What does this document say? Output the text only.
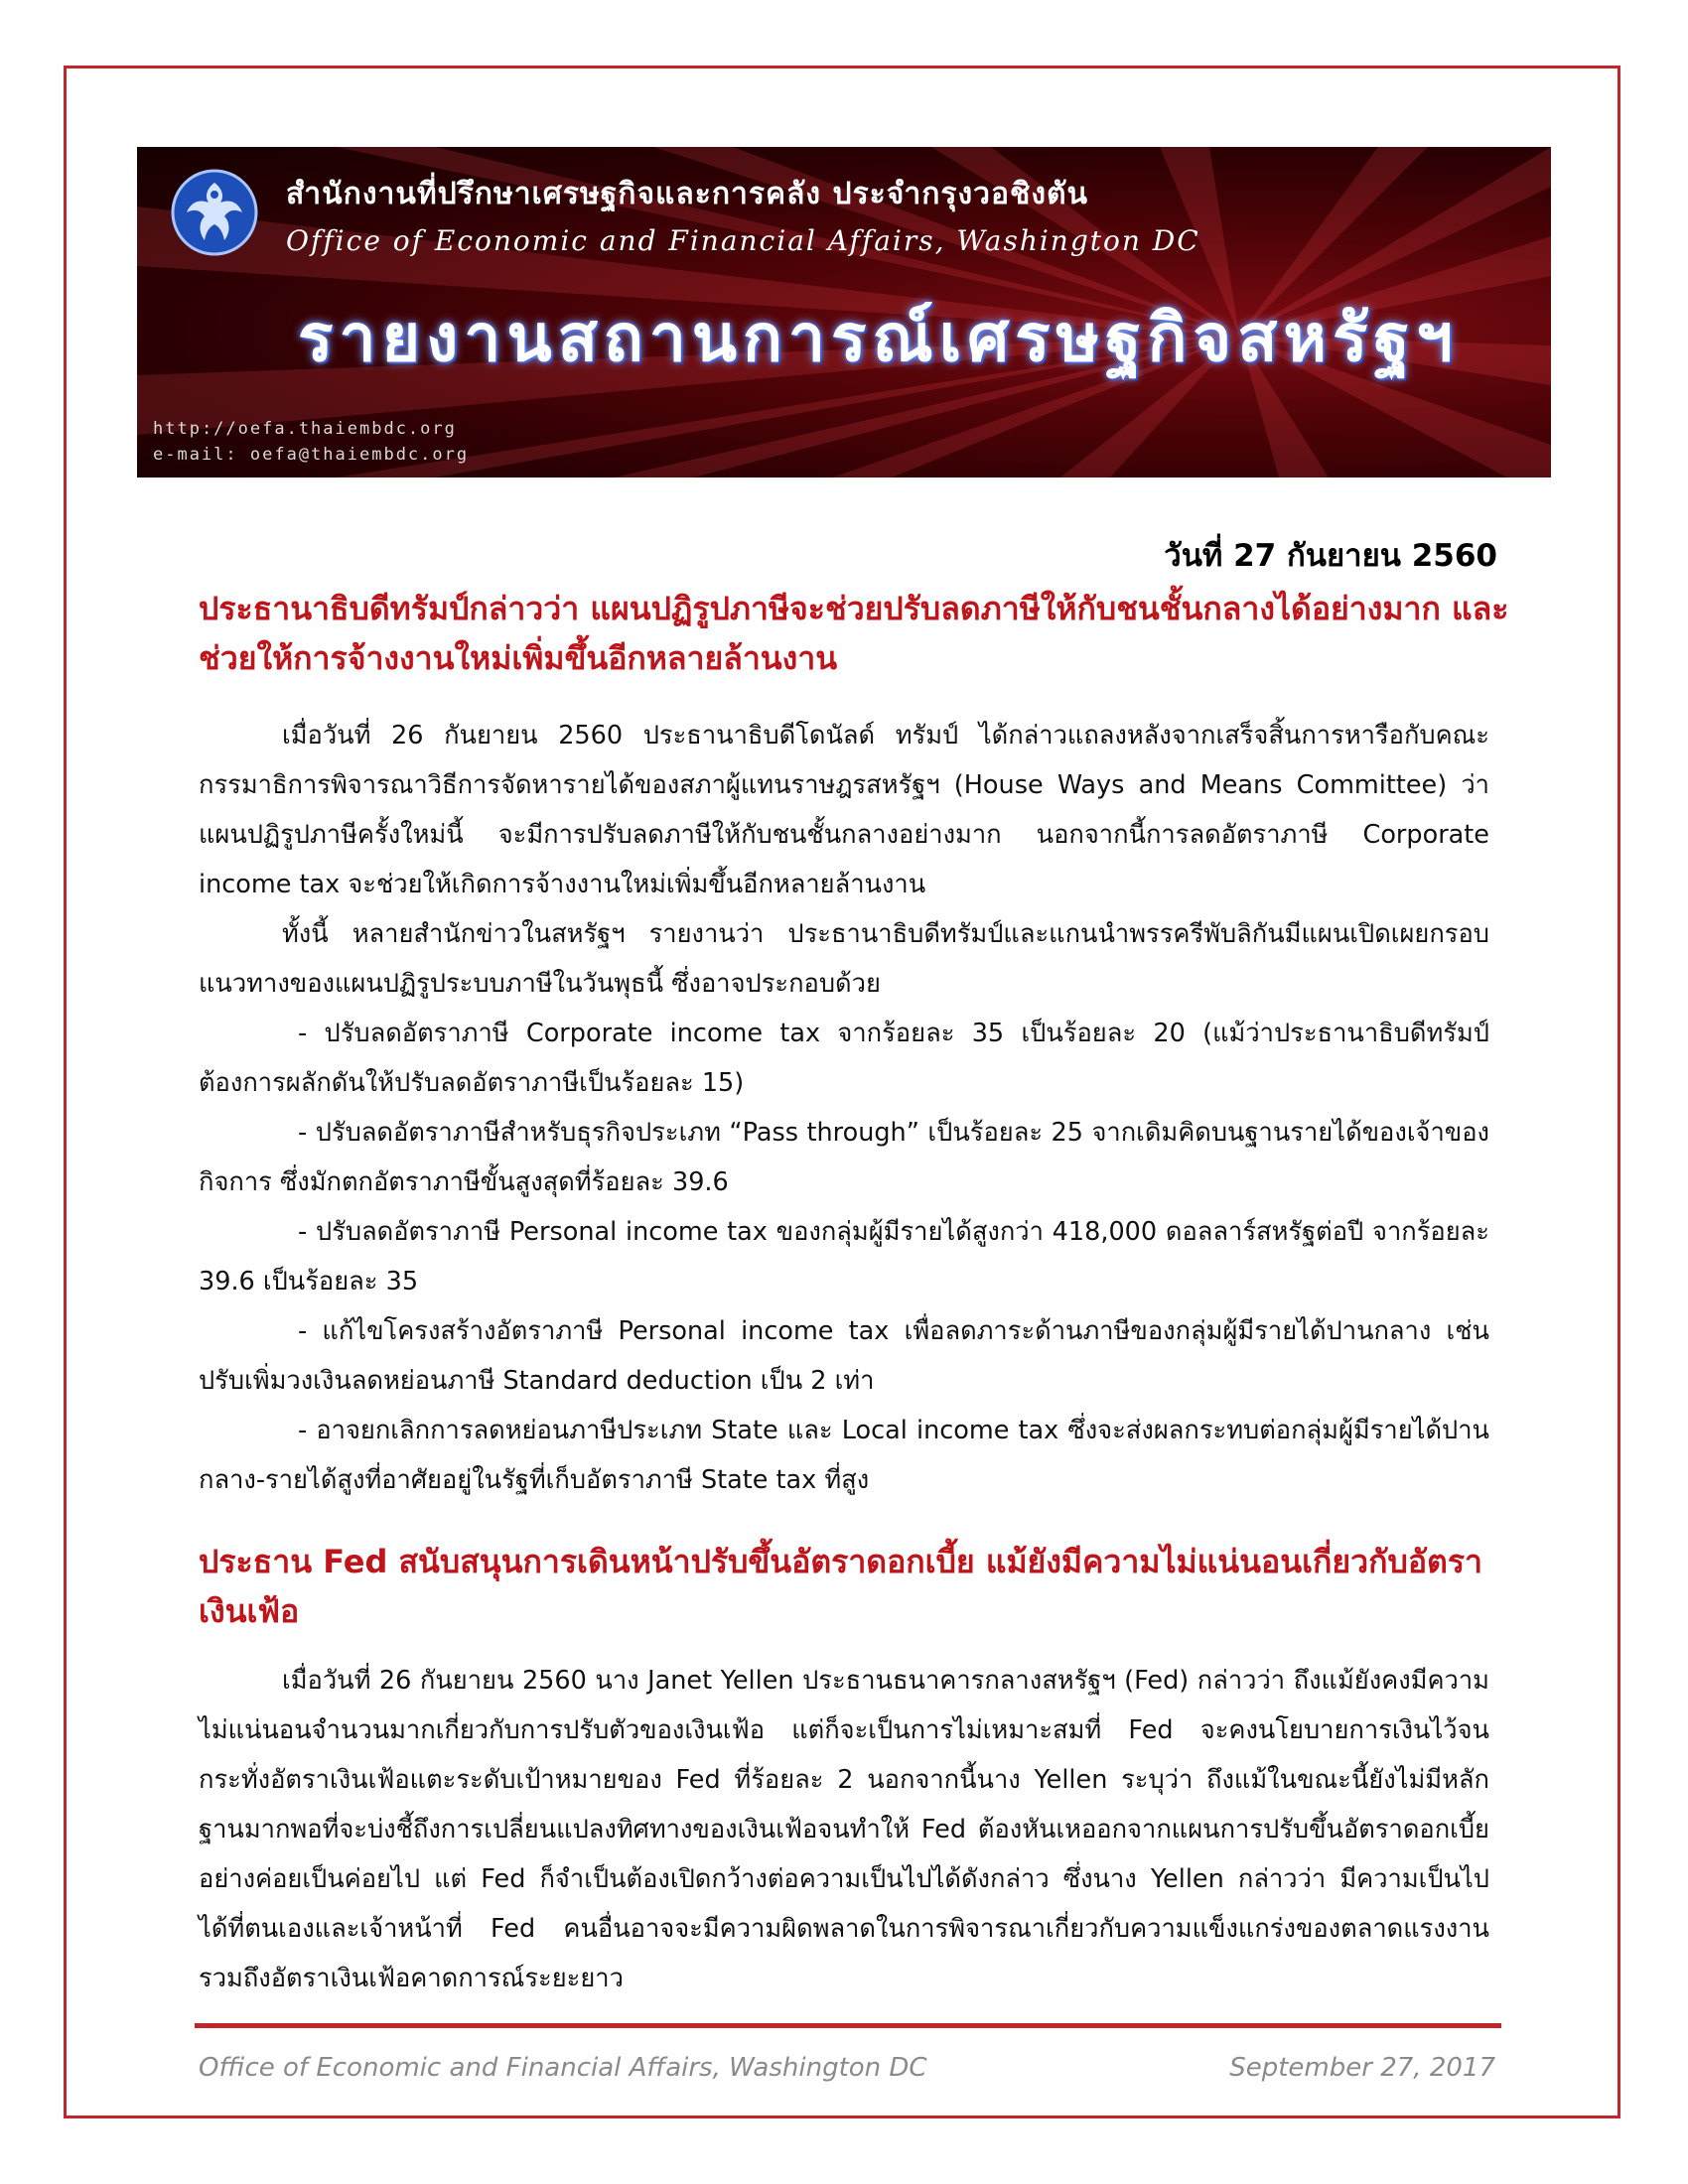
สำนักงานที่ปรึกษาเศรษฐกิจและการคลัง ประจำกรุงวอชิงตัน
Office of Economic and Financial Affairs, Washington DC
รายงานสถานการณ์เศรษฐกิจสหรัฐฯ
http://oefa.thaiembdc.org
e-mail: oefa@thaiembdc.org
วันที่ 27 กันยายน 2560
ประธานาธิบดีทรัมป์กล่าวว่า แผนปฏิรูปภาษีจะช่วยปรับลดภาษีให้กับชนชั้นกลางได้อย่างมาก และช่วยให้การจ้างงานใหม่เพิ่มขึ้นอีกหลายล้านงาน

เมื่อวันที่ 26 กันยายน 2560 ประธานาธิบดีโดนัลด์ ทรัมป์ ได้กล่าวแถลงหลังจากเสร็จสิ้นการหารือกับคณะกรรมาธิการพิจารณาวิธีการจัดหารายได้ของสภาผู้แทนราษฎรสหรัฐฯ (House Ways and Means Committee) ว่าแผนปฏิรูปภาษีครั้งใหม่นี้ จะมีการปรับลดภาษีให้กับชนชั้นกลางอย่างมาก นอกจากนี้การลดอัตราภาษี Corporate income tax จะช่วยให้เกิดการจ้างงานใหม่เพิ่มขึ้นอีกหลายล้านงาน

ทั้งนี้ หลายสำนักข่าวในสหรัฐฯ รายงานว่า ประธานาธิบดีทรัมป์และแกนนำพรรครีพับลิกันมีแผนเปิดเผยกรอบแนวทางของแผนปฏิรูประบบภาษีในวันพุธนี้ ซึ่งอาจประกอบด้วย

- ปรับลดอัตราภาษี Corporate income tax จากร้อยละ 35 เป็นร้อยละ 20 (แม้ว่าประธานาธิบดีทรัมป์ต้องการผลักดันให้ปรับลดอัตราภาษีเป็นร้อยละ 15)

- ปรับลดอัตราภาษีสำหรับธุรกิจประเภท “Pass through” เป็นร้อยละ 25 จากเดิมคิดบนฐานรายได้ของเจ้าของกิจการ ซึ่งมักตกอัตราภาษีขั้นสูงสุดที่ร้อยละ 39.6

- ปรับลดอัตราภาษี Personal income tax ของกลุ่มผู้มีรายได้สูงกว่า 418,000 ดอลลาร์สหรัฐต่อปี จากร้อยละ 39.6 เป็นร้อยละ 35

- แก้ไขโครงสร้างอัตราภาษี Personal income tax เพื่อลดภาระด้านภาษีของกลุ่มผู้มีรายได้ปานกลาง เช่น ปรับเพิ่มวงเงินลดหย่อนภาษี Standard deduction เป็น 2 เท่า

- อาจยกเลิกการลดหย่อนภาษีประเภท State และ Local income tax ซึ่งจะส่งผลกระทบต่อกลุ่มผู้มีรายได้ปานกลาง-รายได้สูงที่อาศัยอยู่ในรัฐที่เก็บอัตราภาษี State tax ที่สูง

ประธาน Fed สนับสนุนการเดินหน้าปรับขึ้นอัตราดอกเบี้ย แม้ยังมีความไม่แน่นอนเกี่ยวกับอัตราเงินเฟ้อ

เมื่อวันที่ 26 กันยายน 2560 นาง Janet Yellen ประธานธนาคารกลางสหรัฐฯ (Fed) กล่าวว่า ถึงแม้ยังคงมีความไม่แน่นอนจำนวนมากเกี่ยวกับการปรับตัวของเงินเฟ้อ แต่ก็จะเป็นการไม่เหมาะสมที่ Fed จะคงนโยบายการเงินไว้จนกระทั่งอัตราเงินเฟ้อแตะระดับเป้าหมายของ Fed ที่ร้อยละ 2 นอกจากนี้นาง Yellen ระบุว่า ถึงแม้ในขณะนี้ยังไม่มีหลักฐานมากพอที่จะบ่งชี้ถึงการเปลี่ยนแปลงทิศทางของเงินเฟ้อจนทำให้ Fed ต้องหันเหออกจากแผนการปรับขึ้นอัตราดอกเบี้ยอย่างค่อยเป็นค่อยไป แต่ Fed ก็จำเป็นต้องเปิดกว้างต่อความเป็นไปได้ดังกล่าว ซึ่งนาง Yellen กล่าวว่า มีความเป็นไปได้ที่ตนเองและเจ้าหน้าที่ Fed คนอื่นอาจจะมีความผิดพลาดในการพิจารณาเกี่ยวกับความแข็งแกร่งของตลาดแรงงาน รวมถึงอัตราเงินเฟ้อคาดการณ์ระยะยาว

Office of Economic and Financial Affairs, Washington DC	September 27, 2017
